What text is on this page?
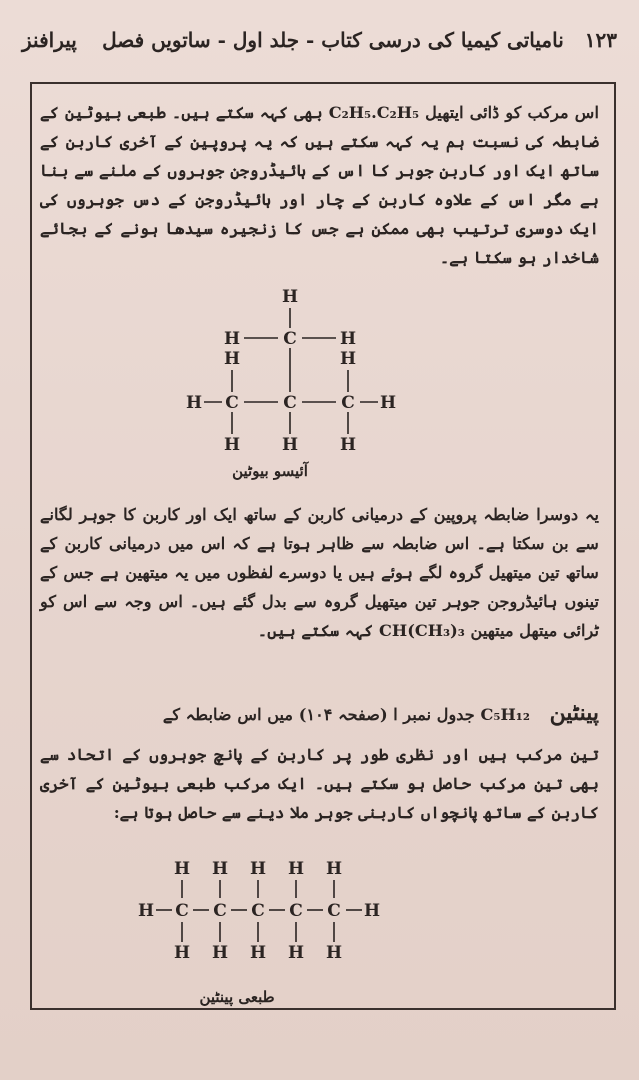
۱۲۳ نامیاتی کیمیا کی درسی کتاب - جلد اول - ساتویں فصل
پیرافنز
اس مرکب کو ڈائی ایتھیل C₂H₅.C₂H₅ بھی کہہ سکتے ہیں۔ طبعی بیوٹین کے ضابطہ کی نسبت ہم یہ کہہ سکتے ہیں کہ یہ پروپین کے آخری کاربن کے ساتھ ایک اور کاربن جوہر کا اس کے ہائیڈروجن جوہروں کے ملنے سے بنا ہے مگر اس کے علاوہ کاربن کے چار اور ہائیڈروجن کے دس جوہروں کی ایک دوسری ترتیب بھی ممکن ہے جس کا زنجیرہ سیدھا ہونے کے بجائے شاخدار ہو سکتا ہے۔
H
H	C	H
H	H
H C	C	C H
H H H
آئیسو بیوٹین
یہ دوسرا ضابطہ پروپین کے درمیانی کاربن کے ساتھ ایک اور کاربن کا جوہر لگانے سے بن سکتا ہے۔ اس ضابطہ سے ظاہر ہوتا ہے کہ اس میں درمیانی کاربن کے ساتھ تین میتھیل گروہ لگے ہوئے ہیں یا دوسرے لفظوں میں یہ میتھین ہے جس کے تینوں ہائیڈروجن جوہر تین میتھیل گروہ سے بدل گئے ہیں۔ اس وجہ سے اس کو ٹرائی میتھل میتھین CH(CH₃)₃ کہہ سکتے ہیں۔
پینٹین C₅H₁₂ جدول نمبر ا (صفحہ ۱۰۴) میں اس ضابطہ کے
تین مرکب ہیں اور نظری طور پر کاربن کے پانچ جوہروں کے اتحاد سے بھی تین مرکب حاصل ہو سکتے ہیں۔ ایک مرکب طبعی بیوٹین کے آخری کاربن کے ساتھ پانچواں کاربنی جوہر ملا دینے سے حاصل ہوتا ہے:
H	H
H
C
H
H
C
H
H
C
H
H
C
H
H
C
H
طبعی پینٹین
